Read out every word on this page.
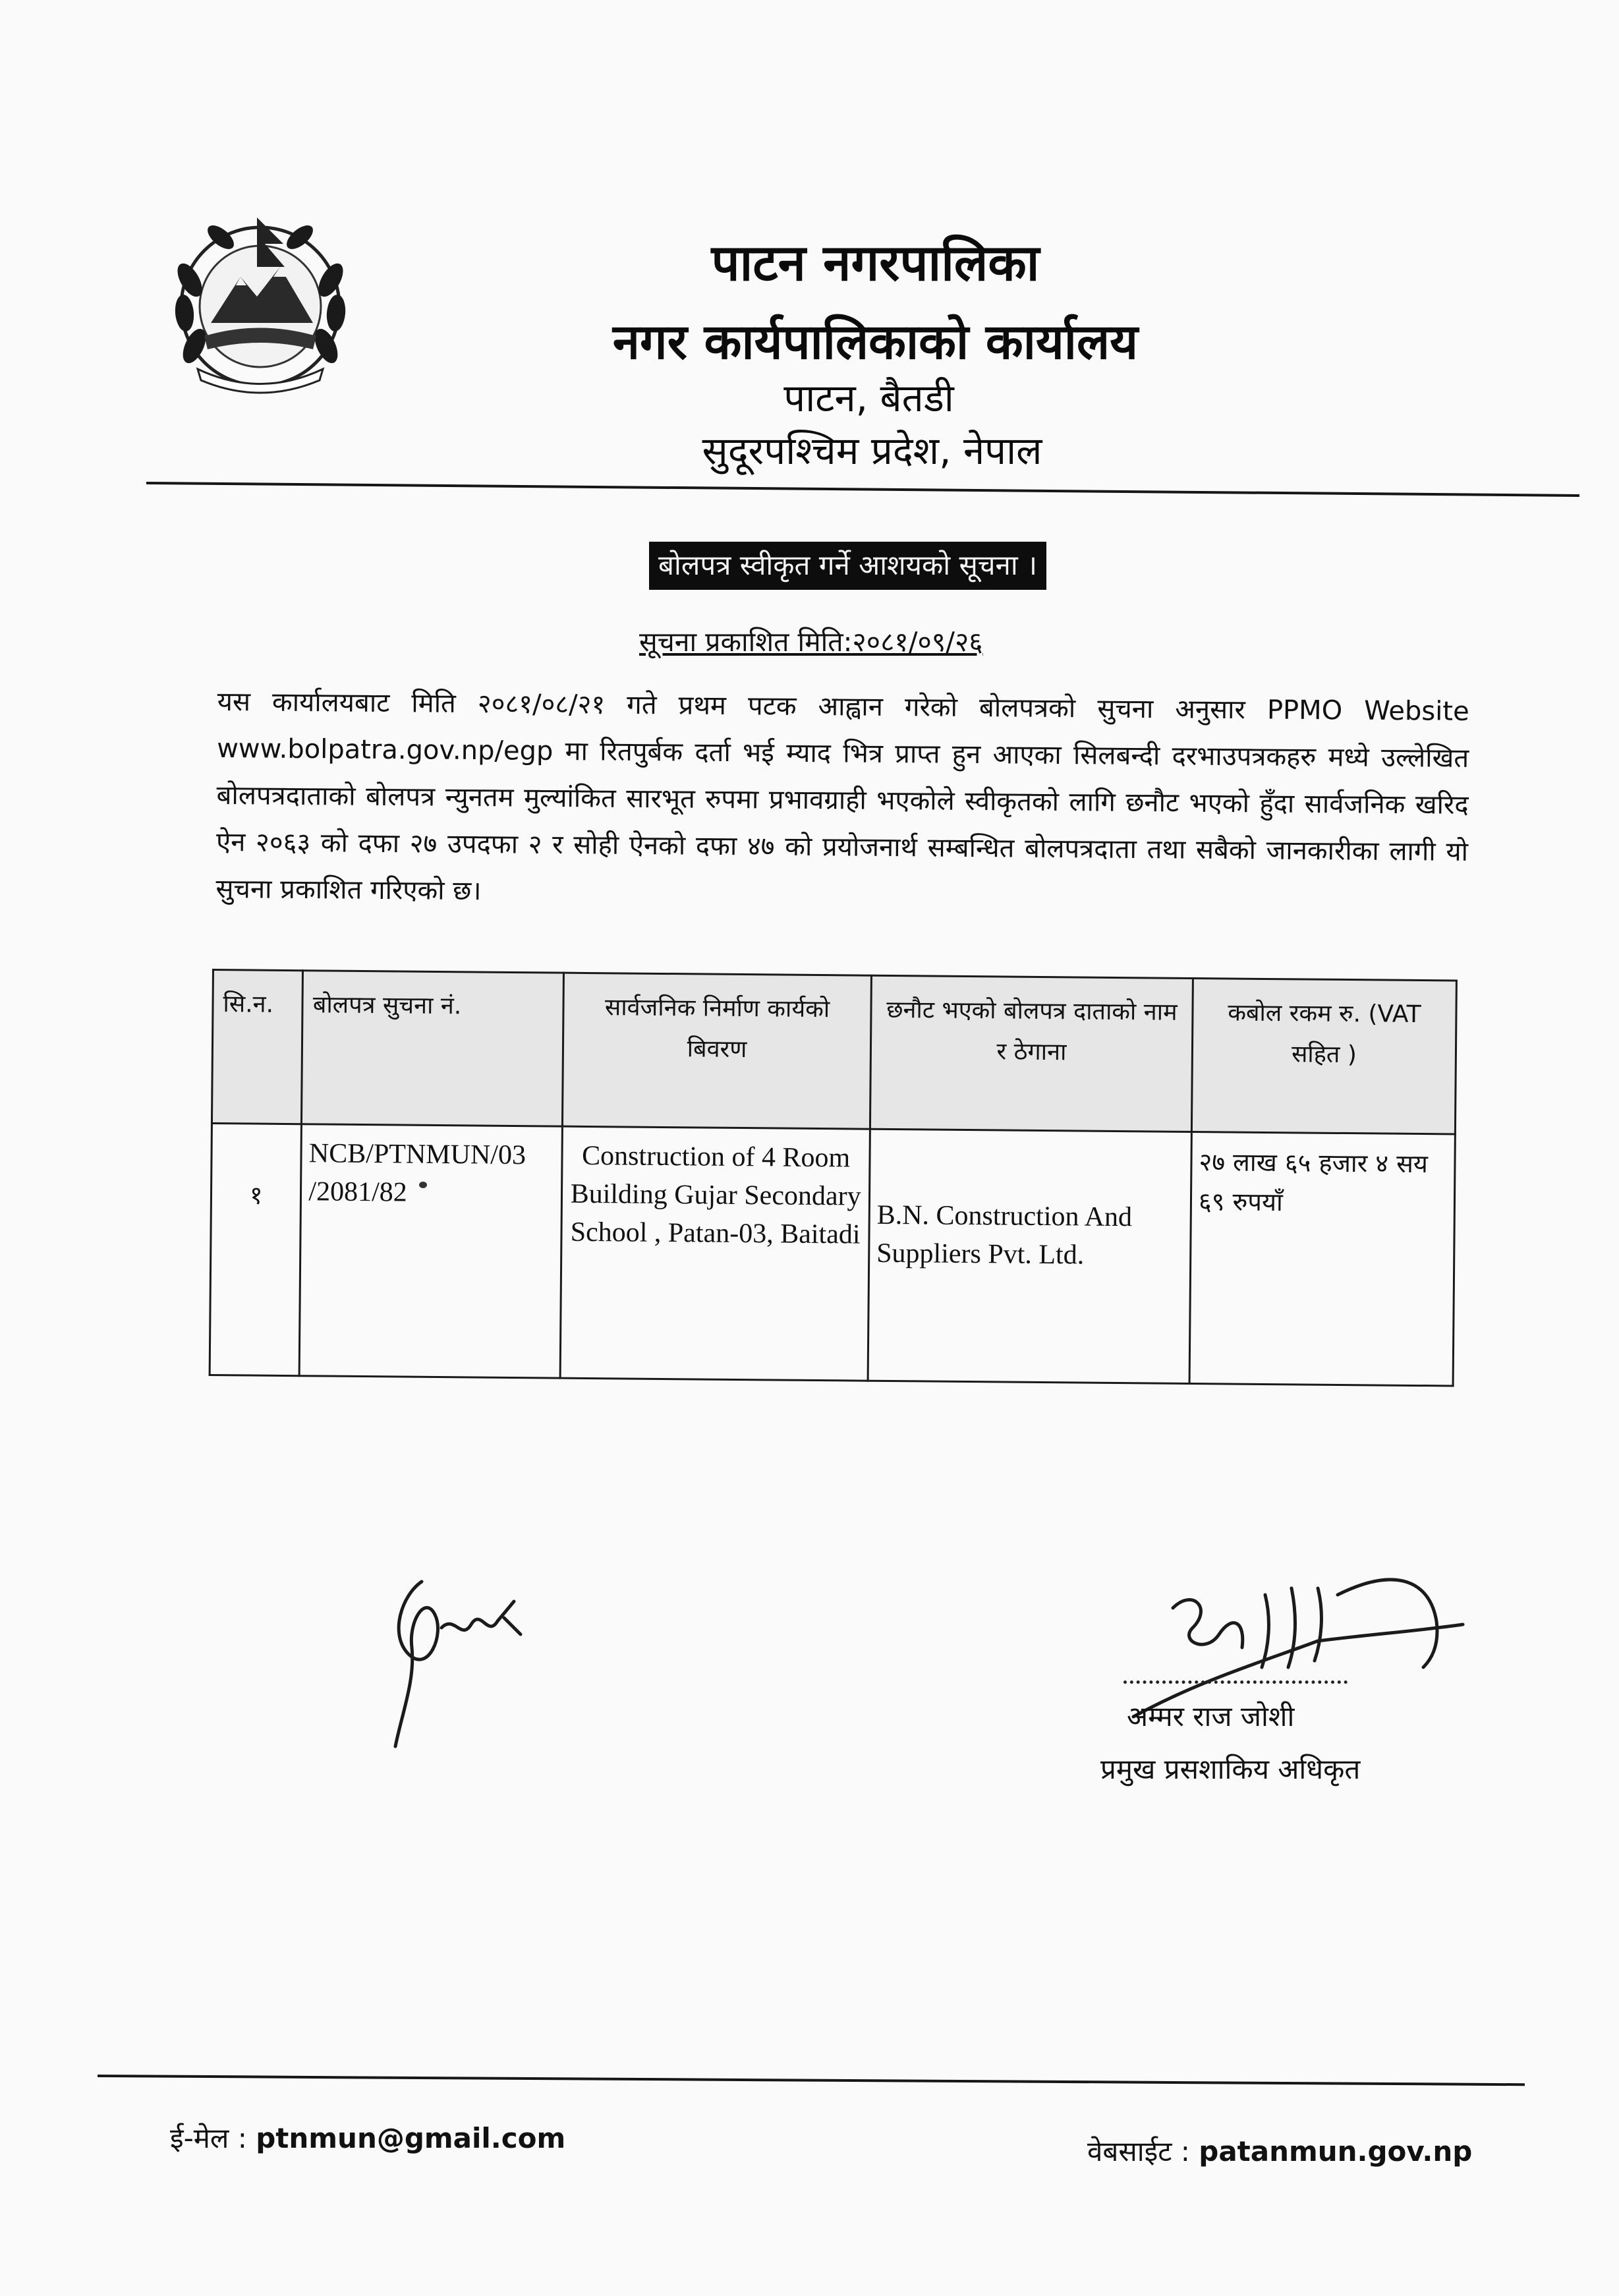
पाटन नगरपालिका
नगर कार्यपालिकाको कार्यालय
पाटन, बैतडी
सुदूरपश्चिम प्रदेश, नेपाल
बोलपत्र स्वीकृत गर्ने आशयको सूचना ।
सूचना प्रकाशित मिति:२०८१/०९/२६
यस कार्यालयबाट मिति २०८१/०८/२१ गते प्रथम पटक आह्वान गरेको बोलपत्रको सुचना अनुसार PPMO Website www.bolpatra.gov.np/egp मा रितपुर्बक दर्ता भई म्याद भित्र प्राप्त हुन आएका सिलबन्दी दरभाउपत्रकहरु मध्ये उल्लेखित बोलपत्रदाताको बोलपत्र न्युनतम मुल्यांकित सारभूत रुपमा प्रभावग्राही भएकोले स्वीकृतको लागि छनौट भएको हुँदा सार्वजनिक खरिद ऐन २०६३ को दफा २७ उपदफा २ र सोही ऐनको दफा ४७ को प्रयोजनार्थ सम्बन्धित बोलपत्रदाता तथा सबैको जानकारीका लागी यो सुचना प्रकाशित गरिएको छ।
सि.न.	बोलपत्र सुचना नं.	सार्वजनिक निर्माण कार्यको बिवरण	छनौट भएको बोलपत्र दाताको नाम र ठेगाना	कबोल रकम रु. (VAT सहित )
१	NCB/PTNMUN/03 /2081/82	Construction of 4 Room Building Gujar Secondary School , Patan-03, Baitadi	B.N. Construction And Suppliers Pvt. Ltd.	२७ लाख ६५ हजार ४ सय ६९ रुपयाँ
अम्मर राज जोशी
प्रमुख प्रसशाकिय अधिकृत
ई-मेल : ptnmun@gmail.com	वेबसाईट : patanmun.gov.np
